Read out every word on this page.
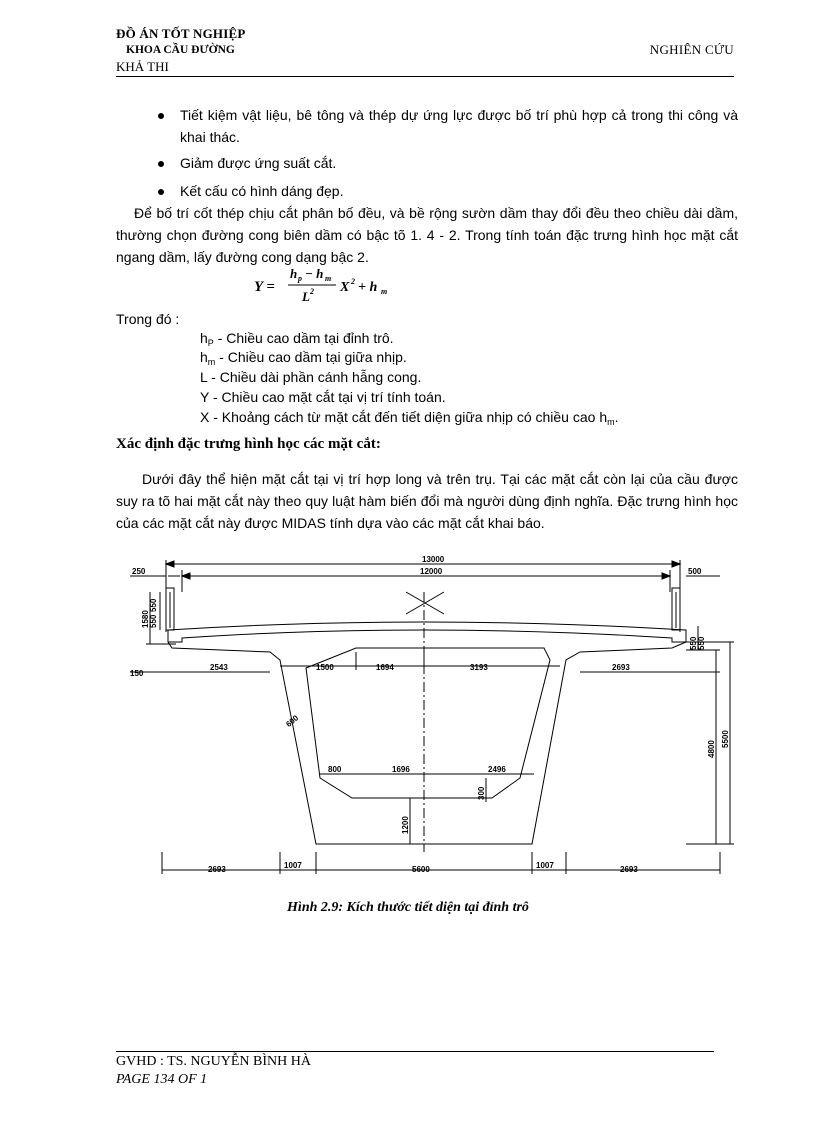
ĐỒ ÁN TỐT NGHIỆP
KHOA CẦU ĐƯỜNG
KHẢ THI
NGHIÊN CỨU
Tiết kiệm vật liệu, bê tông và thép dự ứng lực được bố trí phù hợp cả trong thi công và khai thác.
Giảm được ứng suất cắt.
Kết cấu có hình dáng đẹp.
Để bố trí cốt thép chịu cắt phân bố đều, và bề rộng sườn dầm thay đổi đều theo chiều dài dầm, thường chọn đường cong biên dầm có bậc tõ 1. 4 - 2. Trong tính toán đặc trưng hình học mặt cắt ngang dầm, lấy đường cong dạng bậc 2.
Y =
h p − h m
L 2 X 2 + h m
Trong đó :
$h_P$ - Chiều cao dầm tại đỉnh trô.
$h_m$ - Chiều cao dầm tại giữa nhịp.
L - Chiều dài phần cánh hẫng cong.
Y - Chiều cao mặt cắt tại vị trí tính toán.
X - Khoảng cách từ mặt cắt đến tiết diện giữa nhịp có chiều cao $h_m$.
Xác định đặc trưng hình học các mặt cắt:
Dưới đây thể hiện mặt cắt tại vị trí hợp long và trên trụ. Tại các mặt cắt còn lại của cầu được suy ra tõ hai mặt cắt này theo quy luật hàm biến đổi mà người dùng định nghĩa. Đặc trưng hình học của các mặt cắt này được MIDAS tính dựa vào các mặt cắt khai báo.
13000
12000
250	500
150
2543	1500	1694	3193	2693
600
800	1696	2496
2693	1007	5600	1007	2693
1580
550
550
550 550
4800
5500
300
1200
Hình 2.9: Kích thước tiết diện tại đỉnh trô
GVHD : TS. NGUYỄN BÌNH HÀ
PAGE 134 OF 1
